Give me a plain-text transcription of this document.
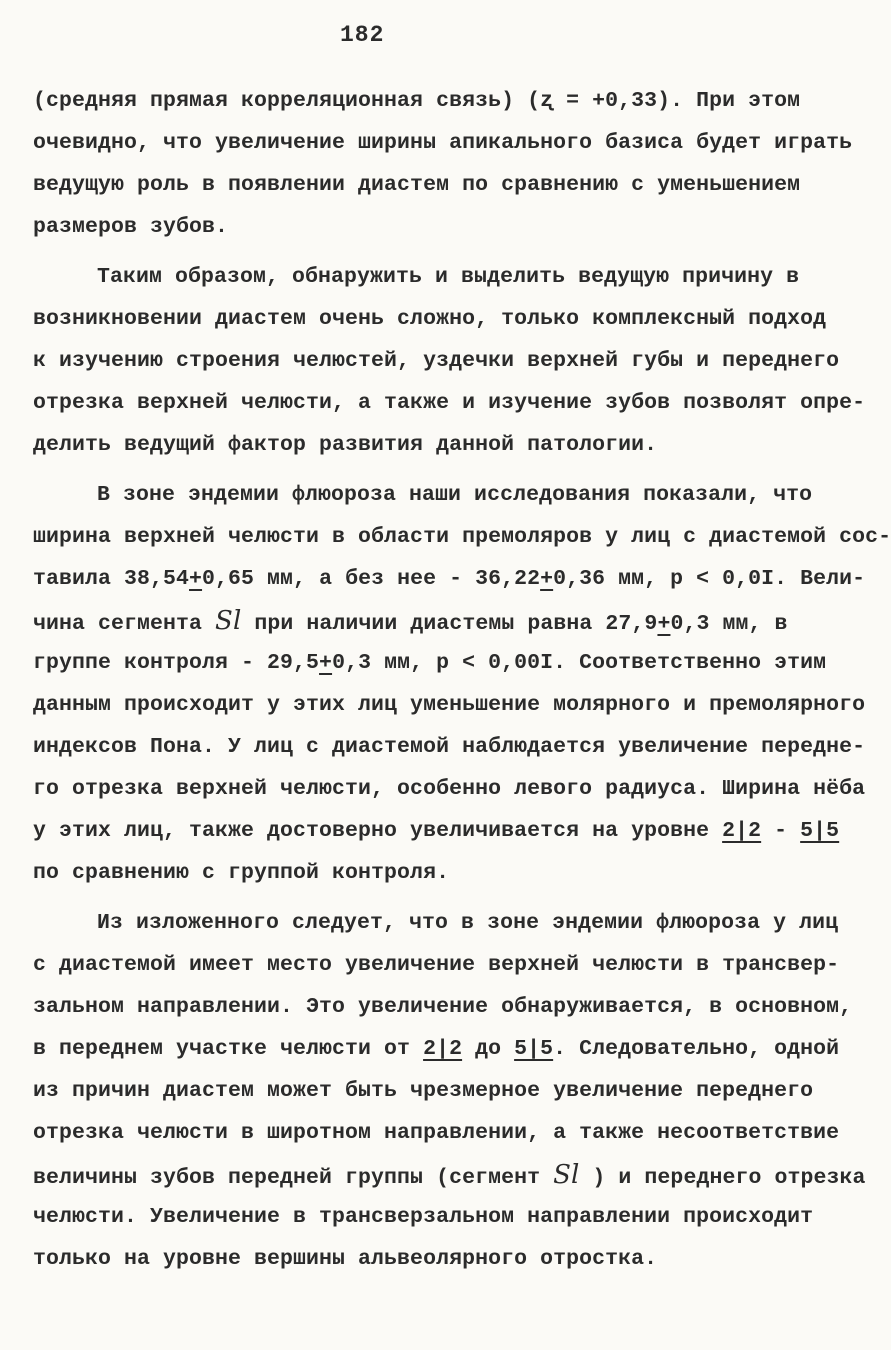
182
(средняя прямая корреляционная связь) (ʐ = +0,33). При этом
очевидно, что увеличение ширины апикального базиса будет играть
ведущую роль в появлении диастем по сравнению с уменьшением
размеров зубов.
Таким образом, обнаружить и выделить ведущую причину в
возникновении диастем очень сложно, только комплексный подход
к изучению строения челюстей, уздечки верхней губы и переднего
отрезка верхней челюсти, а также и изучение зубов позволят опре-
делить ведущий фактор развития данной патологии.
В зоне эндемии флюороза наши исследования показали, что
ширина верхней челюсти в области премоляров у лиц с диастемой сос-
тавила 38,54+0,65 мм, а без нее - 36,22+0,36 мм, р < 0,0I. Вели-
чина сегмента Sl при наличии диастемы равна 27,9+0,3 мм, в
группе контроля - 29,5+0,3 мм, р < 0,00I. Соответственно этим
данным происходит у этих лиц уменьшение молярного и премолярного
индексов Пона. У лиц с диастемой наблюдается увеличение передне-
го отрезка верхней челюсти, особенно левого радиуса. Ширина нёба
у этих лиц, также достоверно увеличивается на уровне 2|2 - 5|5
по сравнению с группой контроля.
Из изложенного следует, что в зоне эндемии флюороза у лиц
с диастемой имеет место увеличение верхней челюсти в трансвер-
зальном направлении. Это увеличение обнаруживается, в основном,
в переднем участке челюсти от 2|2 до 5|5. Следовательно, одной
из причин диастем может быть чрезмерное увеличение переднего
отрезка челюсти в широтном направлении, а также несоответствие
величины зубов передней группы (сегмент Sl ) и переднего отрезка
челюсти. Увеличение в трансверзальном направлении происходит
только на уровне вершины альвеолярного отростка.
